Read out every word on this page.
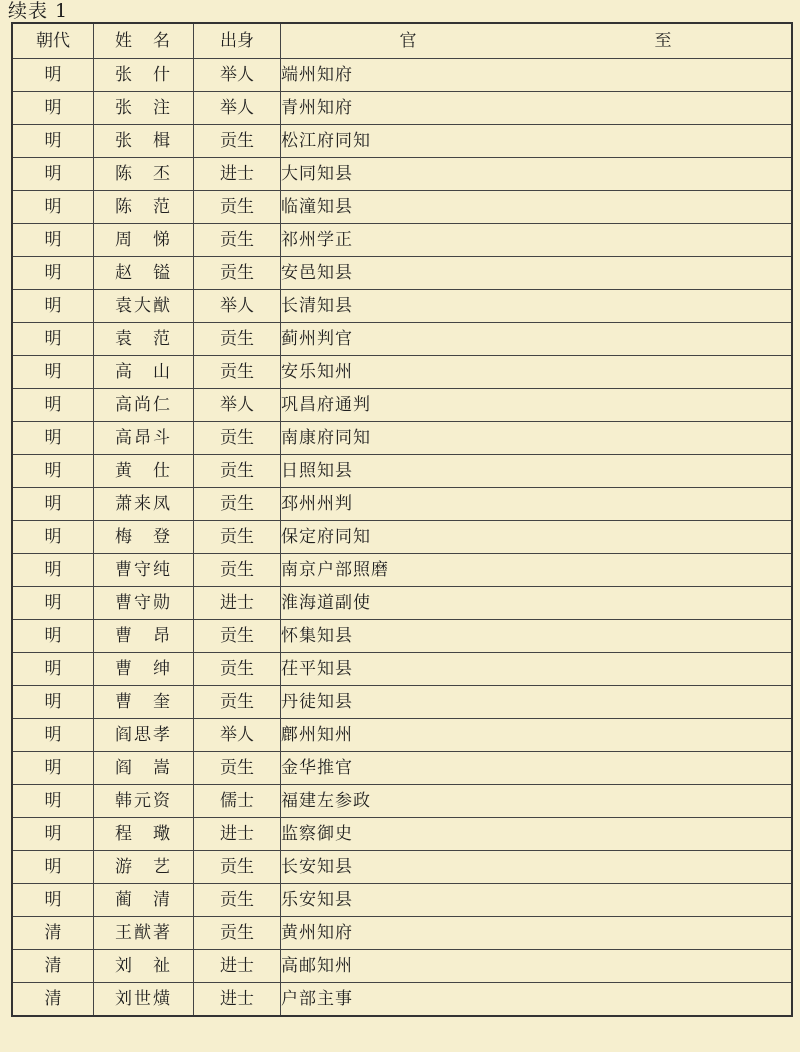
续表 1
朝代	姓　名	出身	官 至

明	张　什	举人	端州知府
明	张　注	举人	青州知府
明	张　楫	贡生	松江府同知
明	陈　丕	进士	大同知县
明	陈　范	贡生	临潼知县
明	周　悌	贡生	祁州学正
明	赵　镒	贡生	安邑知县
明	袁大猷	举人	长清知县
明	袁　范	贡生	蓟州判官
明	高　山	贡生	安乐知州
明	高尚仁	举人	巩昌府通判
明	高昂斗	贡生	南康府同知
明	黄　仕	贡生	日照知县
明	萧来凤	贡生	邳州州判
明	梅　登	贡生	保定府同知
明	曹守纯	贡生	南京户部照磨
明	曹守勋	进士	淮海道副使
明	曹　昂	贡生	怀集知县
明	曹　绅	贡生	茌平知县
明	曹　奎	贡生	丹徒知县
明	阎思孝	举人	鄜州知州
明	阎　嵩	贡生	金华推官
明	韩元资	儒士	福建左参政
明	程　璥	进士	监察御史
明	游　艺	贡生	长安知县
明	蔺　清	贡生	乐安知县
清	王猷著	贡生	黄州知府
清	刘　祉	进士	高邮知州
清	刘世熿	进士	户部主事
